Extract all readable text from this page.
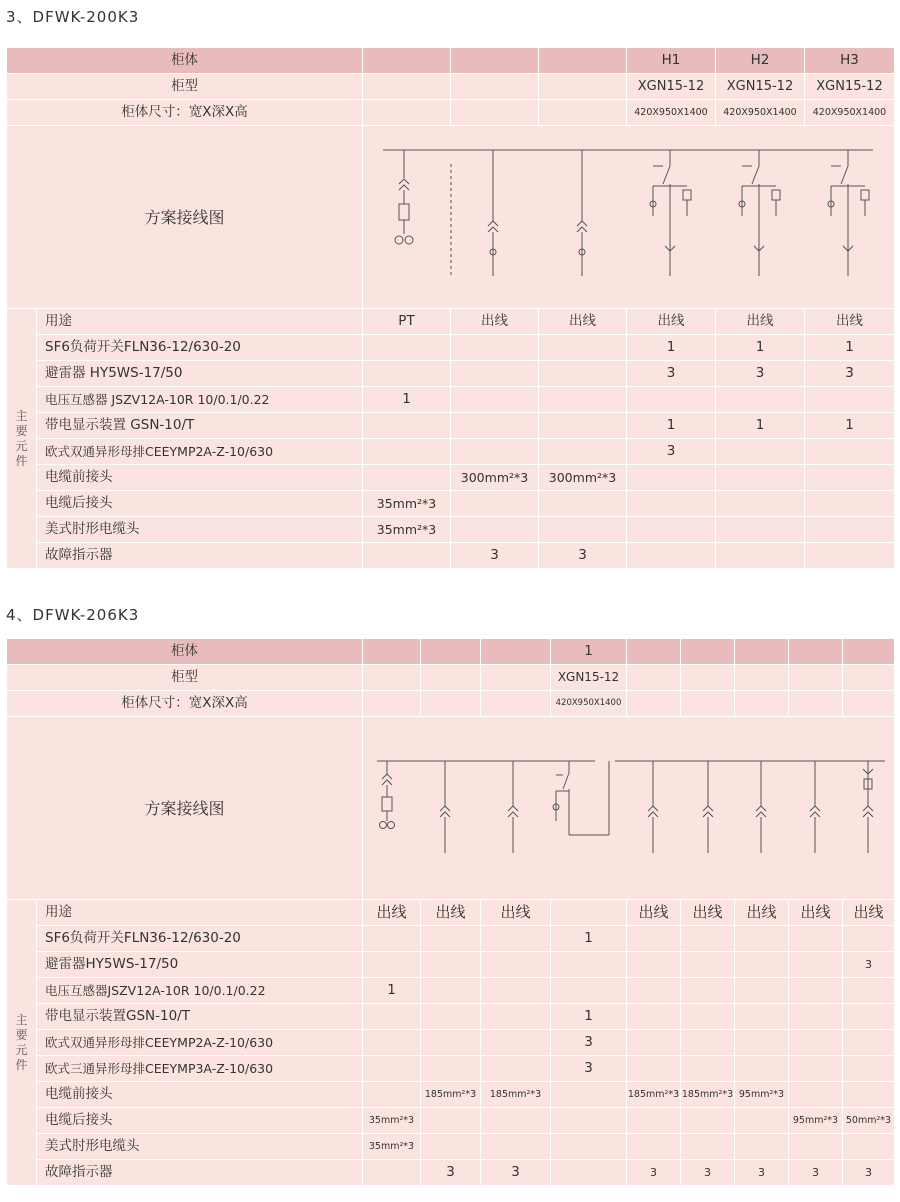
3、DFWK-200K3
柜体					H1	H2	H3
柜型					XGN15-12	XGN15-12	XGN15-12
柜体尺寸：宽X深X高					420X950X1400	420X950X1400	420X950X1400
方案接线图	

主要元件	用途	PT	出线	出线	出线	出线	出线
	SF6负荷开关FLN36-12/630-20				1	1	1
	避雷器 HY5WS-17/50				3	3	3
	电压互感器 JSZV12A-10R 10/0.1/0.22	1					
	带电显示装置 GSN-10/T				1	1	1
	欧式双通异形母排CEEYMP2A-Z-10/630				3		
	电缆前接头		300mm²*3	300mm²*3			
	电缆后接头	35mm²*3					
	美式肘形电缆头	35mm²*3					
	故障指示器		3	3			
4、DFWK-206K3
柜体					1					
柜型					XGN15-12					
柜体尺寸：宽X深X高					420X950X1400					
方案接线图	

主要元件	用途	出线	出线	出线		出线	出线	出线	出线	出线
	SF6负荷开关FLN36-12/630-20				1					
	避雷器HY5WS-17/50									3
	电压互感器JSZV12A-10R 10/0.1/0.22	1								
	带电显示装置GSN-10/T				1					
	欧式双通异形母排CEEYMP2A-Z-10/630				3					
	欧式三通异形母排CEEYMP3A-Z-10/630				3					
	电缆前接头		185mm²*3	185mm²*3		185mm²*3	185mm²*3	95mm²*3		
	电缆后接头	35mm²*3							95mm²*3	50mm²*3
	美式肘形电缆头	35mm²*3								
	故障指示器		3	3		3	3	3	3	3
